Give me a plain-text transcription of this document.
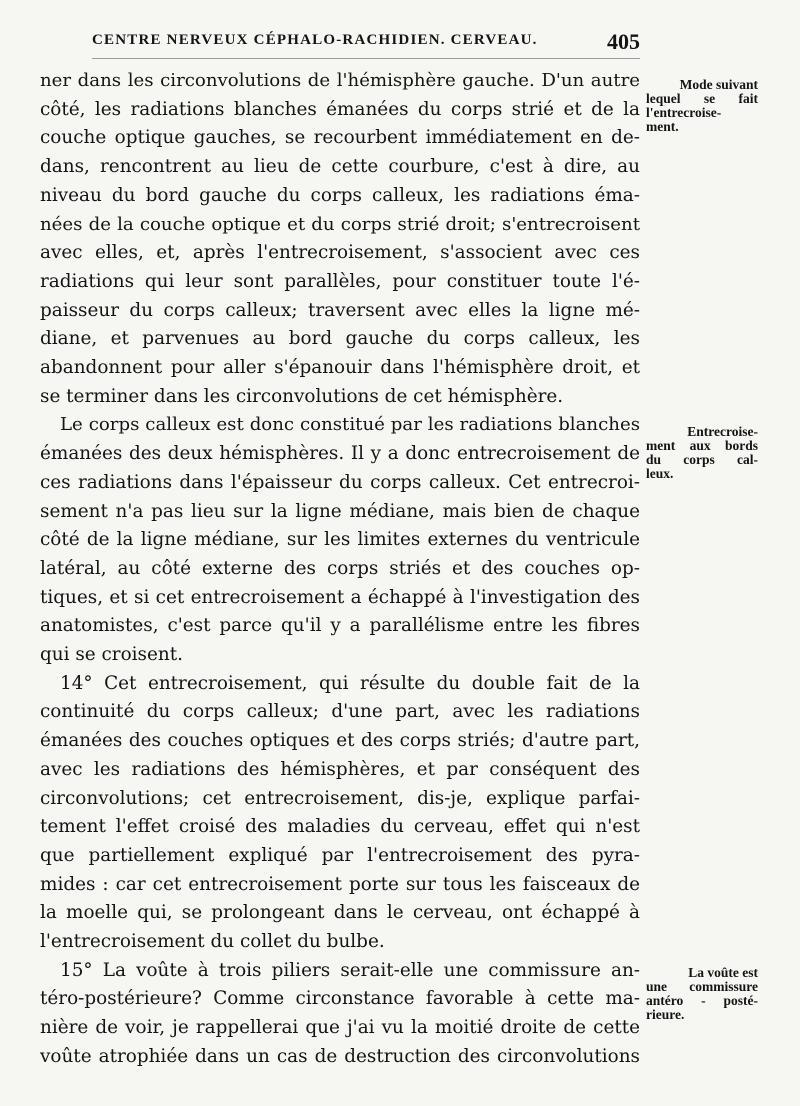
CENTRE NERVEUX CÉPHALO-RACHIDIEN. CERVEAU.	405
ner dans les circonvolutions de l'hémisphère gauche. D'un autre
côté, les radiations blanches émanées du corps strié et de la
couche optique gauches, se recourbent immédiatement en de-
dans, rencontrent au lieu de cette courbure, c'est à dire, au
niveau du bord gauche du corps calleux, les radiations éma-
nées de la couche optique et du corps strié droit; s'entrecroisent
avec elles, et, après l'entrecroisement, s'associent avec ces
radiations qui leur sont parallèles, pour constituer toute l'é-
paisseur du corps calleux; traversent avec elles la ligne mé-
diane, et parvenues au bord gauche du corps calleux, les
abandonnent pour aller s'épanouir dans l'hémisphère droit, et
se terminer dans les circonvolutions de cet hémisphère.
Le corps calleux est donc constitué par les radiations blanches
émanées des deux hémisphères. Il y a donc entrecroisement de
ces radiations dans l'épaisseur du corps calleux. Cet entrecroi-
sement n'a pas lieu sur la ligne médiane, mais bien de chaque
côté de la ligne médiane, sur les limites externes du ventricule
latéral, au côté externe des corps striés et des couches op-
tiques, et si cet entrecroisement a échappé à l'investigation des
anatomistes, c'est parce qu'il y a parallélisme entre les fibres
qui se croisent.
14° Cet entrecroisement, qui résulte du double fait de la
continuité du corps calleux; d'une part, avec les radiations
émanées des couches optiques et des corps striés; d'autre part,
avec les radiations des hémisphères, et par conséquent des
circonvolutions; cet entrecroisement, dis-je, explique parfai-
tement l'effet croisé des maladies du cerveau, effet qui n'est
que partiellement expliqué par l'entrecroisement des pyra-
mides : car cet entrecroisement porte sur tous les faisceaux de
la moelle qui, se prolongeant dans le cerveau, ont échappé à
l'entrecroisement du collet du bulbe.
15° La voûte à trois piliers serait-elle une commissure an-
téro-postérieure? Comme circonstance favorable à cette ma-
nière de voir, je rappellerai que j'ai vu la moitié droite de cette
voûte atrophiée dans un cas de destruction des circonvolutions
Mode suivant
lequel se fait
l'entrecroise-
ment.
Entrecroise-
ment aux bords
du corps cal-
leux.
La voûte est
une commissure
antéro - posté-
rieure.
